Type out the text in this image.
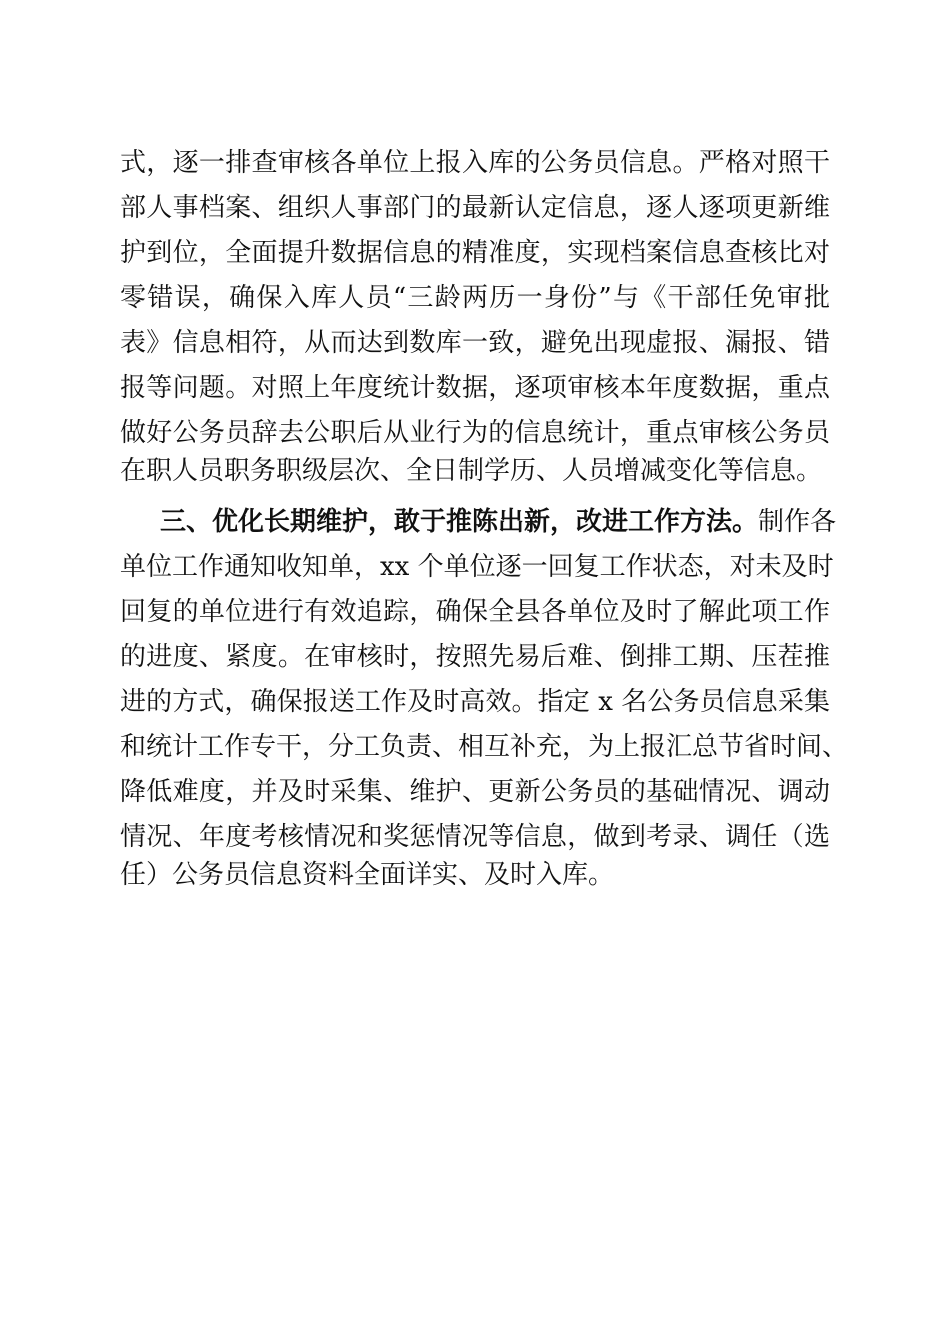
式，逐一排查审核各单位上报入库的公务员信息。严格对照干
部人事档案、组织人事部门的最新认定信息，逐人逐项更新维
护到位，全面提升数据信息的精准度，实现档案信息查核比对
零错误，确保入库人员“三龄两历一身份”与《干部任免审批
表》信息相符，从而达到数库一致，避免出现虚报、漏报、错
报等问题。对照上年度统计数据，逐项审核本年度数据，重点
做好公务员辞去公职后从业行为的信息统计，重点审核公务员
在职人员职务职级层次、全日制学历、人员增减变化等信息。
三、优化长期维护，敢于推陈出新，改进工作方法。制作各
单位工作通知收知单，xx 个单位逐一回复工作状态，对未及时
回复的单位进行有效追踪，确保全县各单位及时了解此项工作
的进度、紧度。在审核时，按照先易后难、倒排工期、压茬推
进的方式，确保报送工作及时高效。指定 x 名公务员信息采集
和统计工作专干，分工负责、相互补充，为上报汇总节省时间、
降低难度，并及时采集、维护、更新公务员的基础情况、调动
情况、年度考核情况和奖惩情况等信息，做到考录、调任（选
任）公务员信息资料全面详实、及时入库。
